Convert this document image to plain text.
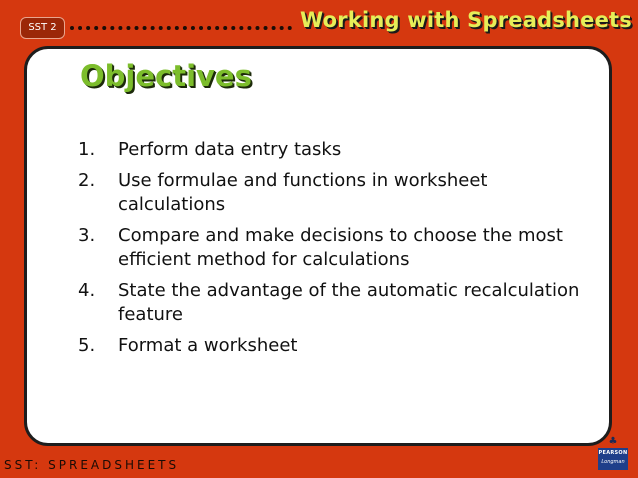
SST 2	Working with Spreadsheets
Objectives
1.	Perform data entry tasks
2.	Use formulae and functions in worksheet calculations
3.	Compare and make decisions to choose the most efficient method for calculations
4.	State the advantage of the automatic recalculation feature
5.	Format a worksheet
SST: SPREADSHEETS
♣
PEARSON
Longman
